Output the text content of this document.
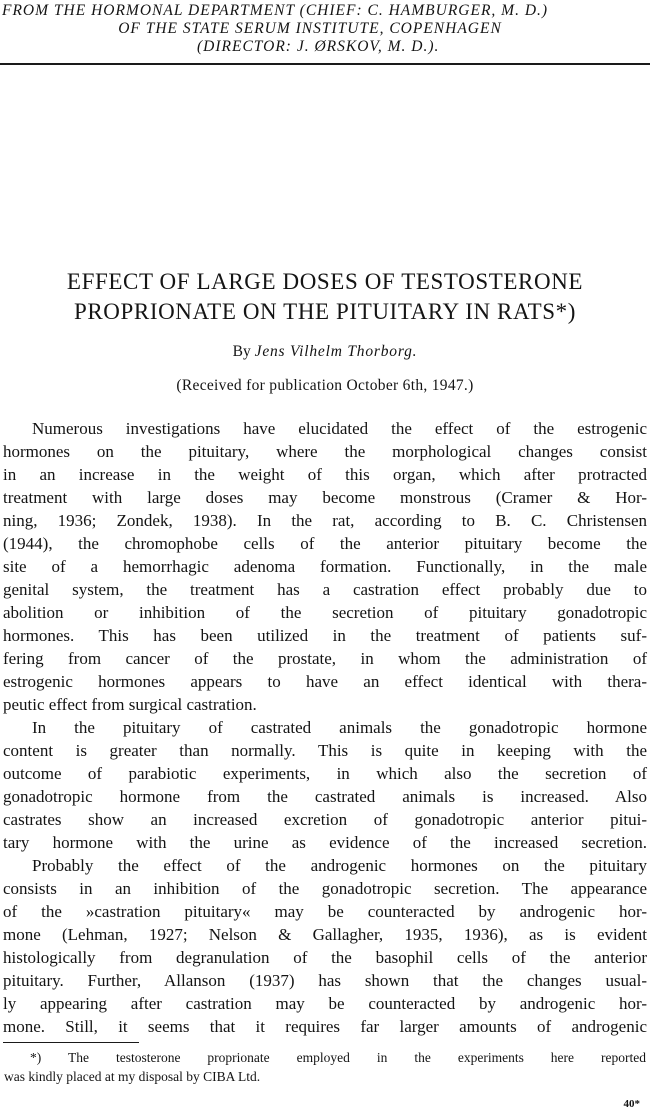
FROM THE HORMONAL DEPARTMENT (CHIEF: C. HAMBURGER, M. D.)
OF THE STATE SERUM INSTITUTE, COPENHAGEN
(DIRECTOR: J. ØRSKOV, M. D.).
EFFECT OF LARGE DOSES OF TESTOSTERONE
PROPRIONATE ON THE PITUITARY IN RATS*)
By Jens Vilhelm Thorborg.
(Received for publication October 6th, 1947.)
Numerous investigations have elucidated the effect of the estrogenic
hormones on the pituitary, where the morphological changes consist
in an increase in the weight of this organ, which after protracted
treatment with large doses may become monstrous (Cramer & Hor-
ning, 1936; Zondek, 1938). In the rat, according to B. C. Christensen
(1944), the chromophobe cells of the anterior pituitary become the
site of a hemorrhagic adenoma formation. Functionally, in the male
genital system, the treatment has a castration effect probably due to
abolition or inhibition of the secretion of pituitary gonadotropic
hormones. This has been utilized in the treatment of patients suf-
fering from cancer of the prostate, in whom the administration of
estrogenic hormones appears to have an effect identical with thera-
peutic effect from surgical castration.
In the pituitary of castrated animals the gonadotropic hormone
content is greater than normally. This is quite in keeping with the
outcome of parabiotic experiments, in which also the secretion of
gonadotropic hormone from the castrated animals is increased. Also
castrates show an increased excretion of gonadotropic anterior pitui-
tary hormone with the urine as evidence of the increased secretion.
Probably the effect of the androgenic hormones on the pituitary
consists in an inhibition of the gonadotropic secretion. The appearance
of the »castration pituitary« may be counteracted by androgenic hor-
mone (Lehman, 1927; Nelson & Gallagher, 1935, 1936), as is evident
histologically from degranulation of the basophil cells of the anterior
pituitary. Further, Allanson (1937) has shown that the changes usual-
ly appearing after castration may be counteracted by androgenic hor-
mone. Still, it seems that it requires far larger amounts of androgenic
*) The testosterone proprionate employed in the experiments here reported
was kindly placed at my disposal by CIBA Ltd.
40*
